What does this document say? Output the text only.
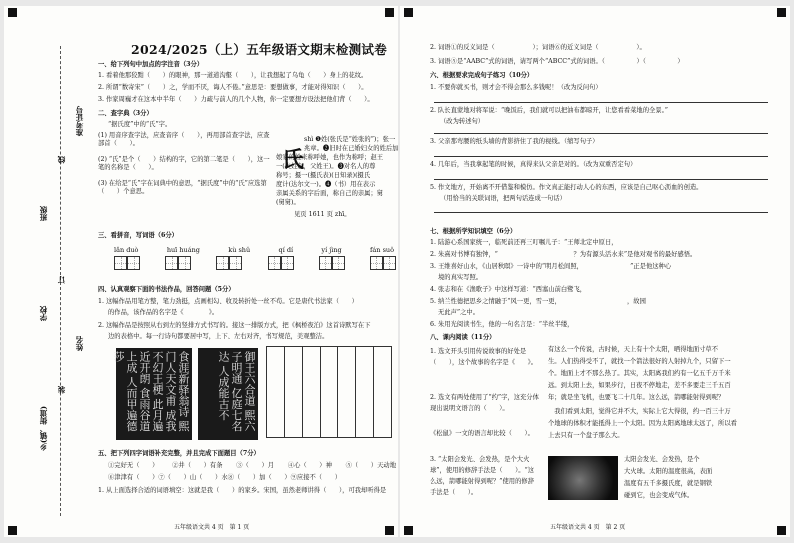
乡(镇、街道)
学校
班级
姓名
准考证号
装
订
线
2024/2025（上）五年级语文期末检测试卷
一、给下列句中加点的字注音（3分）
1. 看着他那狡黠（　　）的眼神，那一道道沟壑（　　），让我想起了乌龟（　　）身上的花纹。
2. 所谓“数寄宋”（　　）之，学而不厌，诲人不倦。”意思是：要想做事，才能对得知识（　　）。
3. 作家周巍才在这本中半年（　　）力疏与前人的几个人物，你一定要想方设法把他们背（　　）。
二、查字典（3分）
“据氏度”中的“氏”字。
(1) 用音序查字法，应查音序（　　），再用部首查字法，应查部首（　　）。
(2) “氏”是个（　　）结构的字，它的第二笔是（　　），这一笔的名称是（　　）。
(3) 在给是“氏”字在词典中的意思，“据氏度”中的“氏”应选第（　　）个意思。
氏
shì ❶姓(张氏是“姓张的”)；张一
兆章。❷旧时在已婚妇女的姓后加
娘家的姓来称呼她，也作为称呼；赵王
一(夫姓赵，父姓王)。❸对名人的尊
称号；摄一(摄氏表)(日知录)(摄氏
度计(达尔文一)。❹（书）用在表示
亲属关系的字后面，称自己的亲属；舅
(舅舅)。
见页 1611 页 zhī。
三、看拼音，写词语（6分）
lǎn duò	huī huáng	kù shǔ	qí dí	yí jìng	fán suǒ
四、认真观察下面的书法作品，回答问题（5分）
1. 这幅作品用笔方整，笔力劲挺，点画相勾、收及转折处一丝不苟。它是唐代书法家（　　）
的作品，该作品的名字是《　　　　》。
2. 这幅作品是按照从右到左的竖排方式书写的。接这一排版方式，把《枫桥夜泊》这首诗默写在下
边的表格中。每一行诗句都要居中写，上下、左右对齐，书写规范，美观整洁。
食涯新驿翁诗 熙门人天文甫 成我不幻王梗 此月遍近开朗 食雨谷道上成 人而甲遍德莎	御王六合道 熙六子明通 亿庭七名达 人成能古不
五、把下列四字词语补充完整，并且完成下面题目（7分）
①完好无（　　） ②井（　　）有条 ③（　　）月 ④心（　　）神 ⑤（　　）天动地
⑥津津有（　　） ⑦（　　）山（　　）水 ⑧（　　）加（　　） ⑨应接不（　　）
1. 从上面选择合适的词语填空：这就是我（　　）的家乡。宋国，虽然老师讲得（　　），可我却听得是
五年级语文共 4 页　第 1 页
2. 词语①的反义词是（　　　　　　）；词语⑥的近义词是（　　　　　　）。
3. 词语⑤是“AABC”式的词语，请写两个“ABCC”式的词语。（　　　　　）（　　　　　）
六、根据要求完成句子练习（10分）
1. 不要你就买书，则才会不得会那么多钱呢！（改为反问句）
2. 队长直蒙地对将军说：“晚饭后，我们就可以把油布都晾开，让您看看菜地的全景。”
（改为转述句）
3. 父亲那弯腰的纸头墙的背影挤住了我的视线。（缩写句子）
4. 几年后，当我拿起笔的时候，真得来认父亲是对的。（改为双重否定句）
5. 作文地方，开始离不开借鉴和模仿。作文真正能打动人心的东西，应该是自己呕心沥血的创造。
（用恰当的关联词语，把两句话连成一句话）
七、根据所学知识填空（6分）
1. 陆游心系国家统一，临死前还再三叮嘱儿子：“王师北定中原日，
2. 朱熹对书博有独钟，“　　　　　　　　　　　　？为有源头活水来”是他对观书的最好感悟。
3. 王维喜好山水，《山居秋暝》一诗中的“明月松间照，　　　　　　　　”正是他这种心
境的真实写照。
4. 张志和在《渔歌子》中这样写道：“西塞山前白鹭飞，
5. 纳兰性德把思乡之情融于“风一更，雪一更，　　　　　　　　　　　，故园
无此声”之中。
6. 朱用光阅读书生，他的一句名言是：“半丝半缕，
八、课内阅读（11分）
1. 选文开头引用传说故事的好处是（　　），这个故事的名字是《　　》。
2. 选文有两处使用了“约”字，这充分体现出说明文语言的（　　）。
《松鼠》一文的语言却比较（　　）。
3. “太阳会发光、会发热，是个大火球”，使用的修辞手法是（　　）。“这么远，箭哪能射得到呢？”使用的修辞手法是（　　）。
有这么一个传说，古时候，天上有十个太阳，晒得地面寸草不
生。人们热得受不了，就找一个箭法很好的人射掉九个，只留下一
个。地面上才不那么热了。其实，太阳离我们约有一亿五千万千米
远。到太阳上去，如果步行，日夜不停地走，差不多要走三千五百
年；就是坐飞机，也要飞二十几年。这么远，箭哪能射得到呢？
　我们看到太阳，觉得它并不大，实际上它大得很，约一百三十万
个地球的体积才能抵得上一个太阳。因为太阳离地球太远了，所以看
上去只有一个盘子那么大。
太阳会发光、会发热，是个
大火球。太阳的温度很高，表面
温度有五千多摄氏度，就是钢铁
碰到它，也会变成气体。
五年级语文共 4 页　第 2 页
